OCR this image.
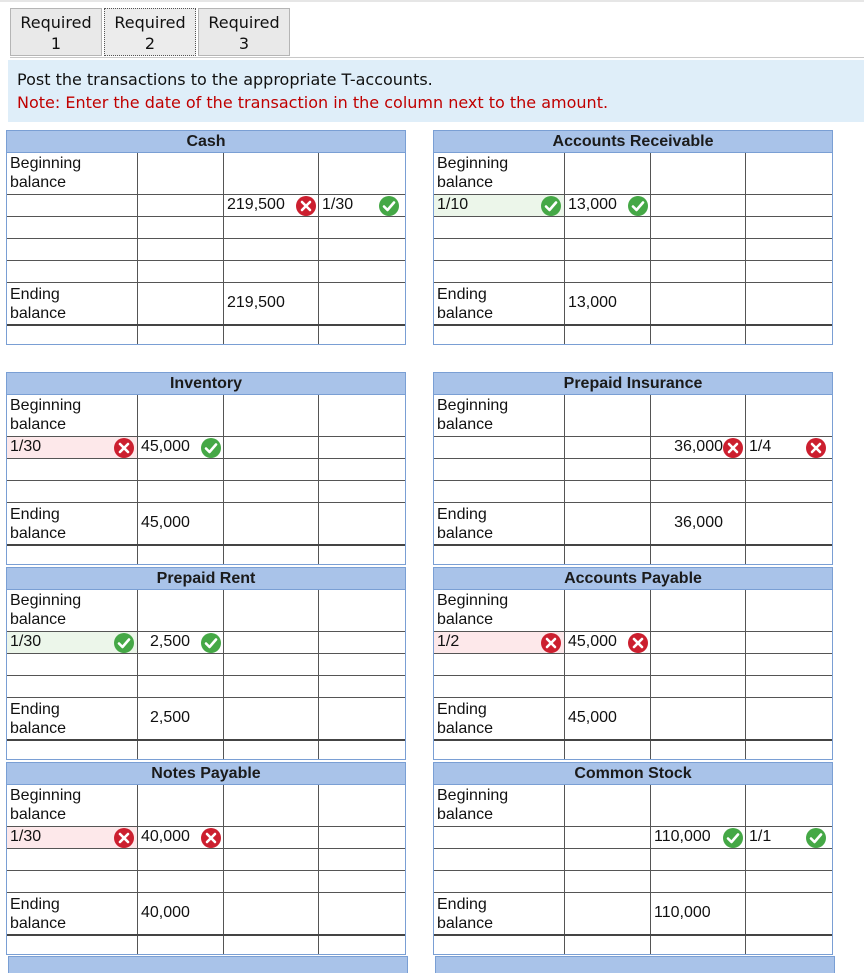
Required
1
Required
2
Required
3
Post the transactions to the appropriate T-accounts.
Note: Enter the date of the transaction in the column next to the amount.
Cash
Beginning balance
219,500 1/30
Ending balance
219,500
Accounts Receivable
Beginning balance
1/10	13,000
Ending balance
13,000
Inventory
Beginning balance
1/30	45,000
Ending balance
45,000
Prepaid Insurance
Beginning balance
36,000 1/4
Ending balance
36,000
Prepaid Rent
Beginning balance
1/30	2,500
Ending balance
2,500
Accounts Payable
Beginning balance
1/2	45,000
Ending balance
45,000
Notes Payable
Beginning balance
1/30	40,000
Ending balance
40,000
Common Stock
Beginning balance
110,000 1/1
Ending balance
110,000
